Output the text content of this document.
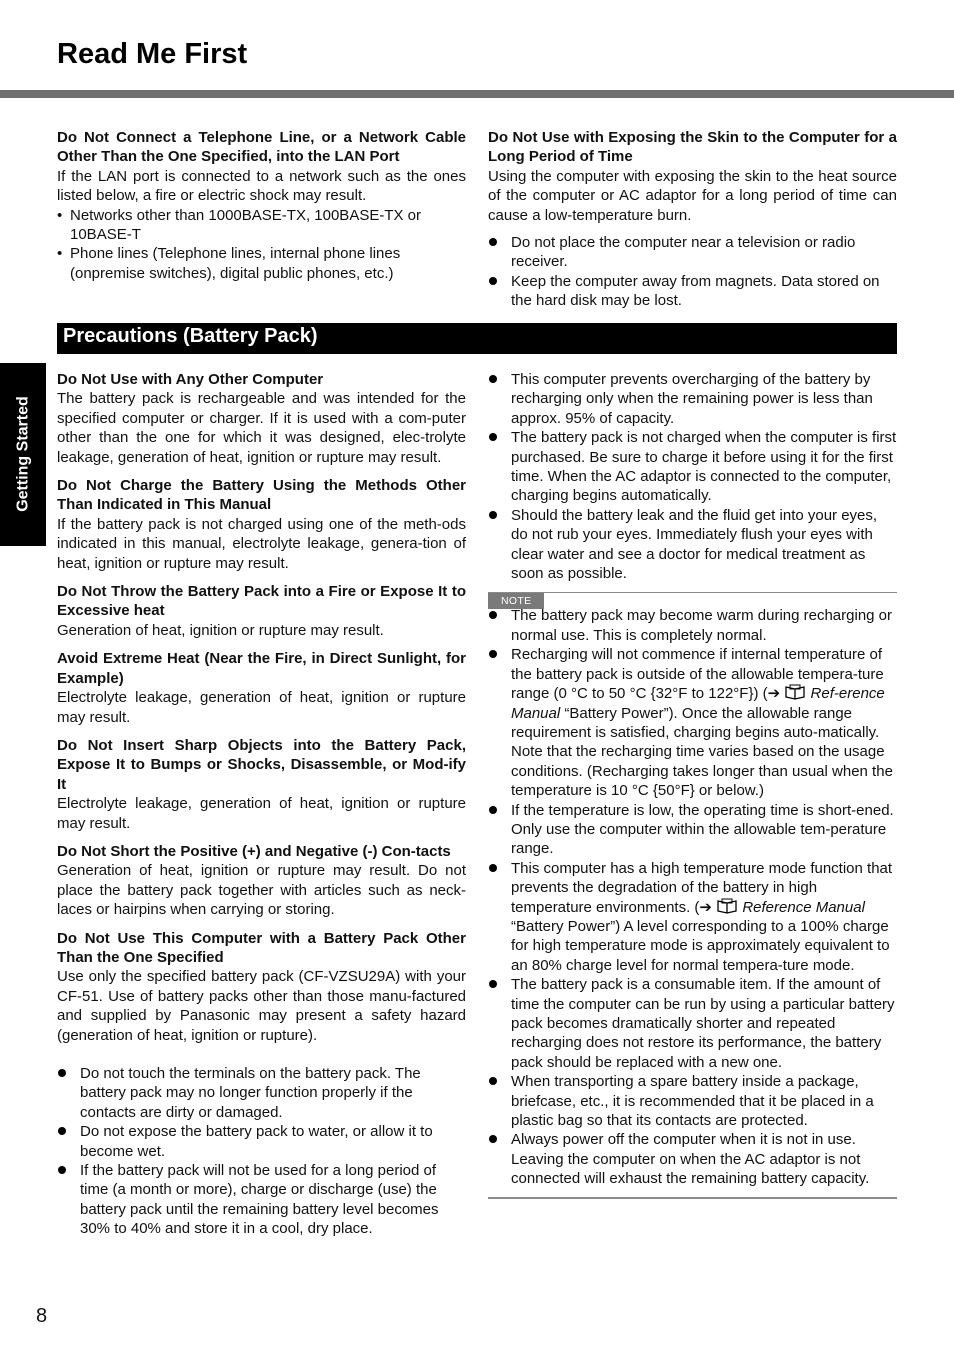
Read Me First
Do Not Connect a Telephone Line, or a Network Cable Other Than the One Specified, into the LAN Port
If the LAN port is connected to a network such as the ones listed below, a fire or electric shock may result.
• Networks other than 1000BASE-TX, 100BASE-TX or 10BASE-T
• Phone lines (Telephone lines, internal phone lines (onpremise switches), digital public phones, etc.)
Do Not Use with Exposing the Skin to the Computer for a Long Period of Time
Using the computer with exposing the skin to the heat source of the computer or AC adaptor for a long period of time can cause a low-temperature burn.
Do not place the computer near a television or radio receiver.
Keep the computer away from magnets. Data stored on the hard disk may be lost.
Precautions (Battery Pack)
Getting Started
Do Not Use with Any Other Computer
The battery pack is rechargeable and was intended for the specified computer or charger. If it is used with a com-puter other than the one for which it was designed, elec-trolyte leakage, generation of heat, ignition or rupture may result.
Do Not Charge the Battery Using the Methods Other Than Indicated in This Manual
If the battery pack is not charged using one of the meth-ods indicated in this manual, electrolyte leakage, genera-tion of heat, ignition or rupture may result.
Do Not Throw the Battery Pack into a Fire or Expose It to Excessive heat
Generation of heat, ignition or rupture may result.
Avoid Extreme Heat (Near the Fire, in Direct Sunlight, for Example)
Electrolyte leakage, generation of heat, ignition or rupture may result.
Do Not Insert Sharp Objects into the Battery Pack, Expose It to Bumps or Shocks, Disassemble, or Mod-ify It
Electrolyte leakage, generation of heat, ignition or rupture may result.
Do Not Short the Positive (+) and Negative (-) Con-tacts
Generation of heat, ignition or rupture may result. Do not place the battery pack together with articles such as neck-laces or hairpins when carrying or storing.
Do Not Use This Computer with a Battery Pack Other Than the One Specified
Use only the specified battery pack (CF-VZSU29A) with your CF-51. Use of battery packs other than those manu-factured and supplied by Panasonic may present a safety hazard (generation of heat, ignition or rupture).
Do not touch the terminals on the battery pack. The battery pack may no longer function properly if the contacts are dirty or damaged.
Do not expose the battery pack to water, or allow it to become wet.
If the battery pack will not be used for a long period of time (a month or more), charge or discharge (use) the battery pack until the remaining battery level becomes 30% to 40% and store it in a cool, dry place.
This computer prevents overcharging of the battery by recharging only when the remaining power is less than approx. 95% of capacity.
The battery pack is not charged when the computer is first purchased. Be sure to charge it before using it for the first time. When the AC adaptor is connected to the computer, charging begins automatically.
Should the battery leak and the fluid get into your eyes, do not rub your eyes. Immediately flush your eyes with clear water and see a doctor for medical treatment as soon as possible.
NOTE
The battery pack may become warm during recharging or normal use. This is completely normal.
Recharging will not commence if internal temperature of the battery pack is outside of the allowable tempera-ture range (0 °C to 50 °C {32°F to 122°F}) (➔ Ref-erence Manual “Battery Power”). Once the allowable range requirement is satisfied, charging begins auto-matically. Note that the recharging time varies based on the usage conditions. (Recharging takes longer than usual when the temperature is 10 °C {50°F} or below.)
If the temperature is low, the operating time is short-ened. Only use the computer within the allowable tem-perature range.
This computer has a high temperature mode function that prevents the degradation of the battery in high temperature environments. (➔ Reference Manual “Battery Power”) A level corresponding to a 100% charge for high temperature mode is approximately equivalent to an 80% charge level for normal tempera-ture mode.
The battery pack is a consumable item. If the amount of time the computer can be run by using a particular battery pack becomes dramatically shorter and repeated recharging does not restore its performance, the battery pack should be replaced with a new one.
When transporting a spare battery inside a package, briefcase, etc., it is recommended that it be placed in a plastic bag so that its contacts are protected.
Always power off the computer when it is not in use. Leaving the computer on when the AC adaptor is not connected will exhaust the remaining battery capacity.
8
